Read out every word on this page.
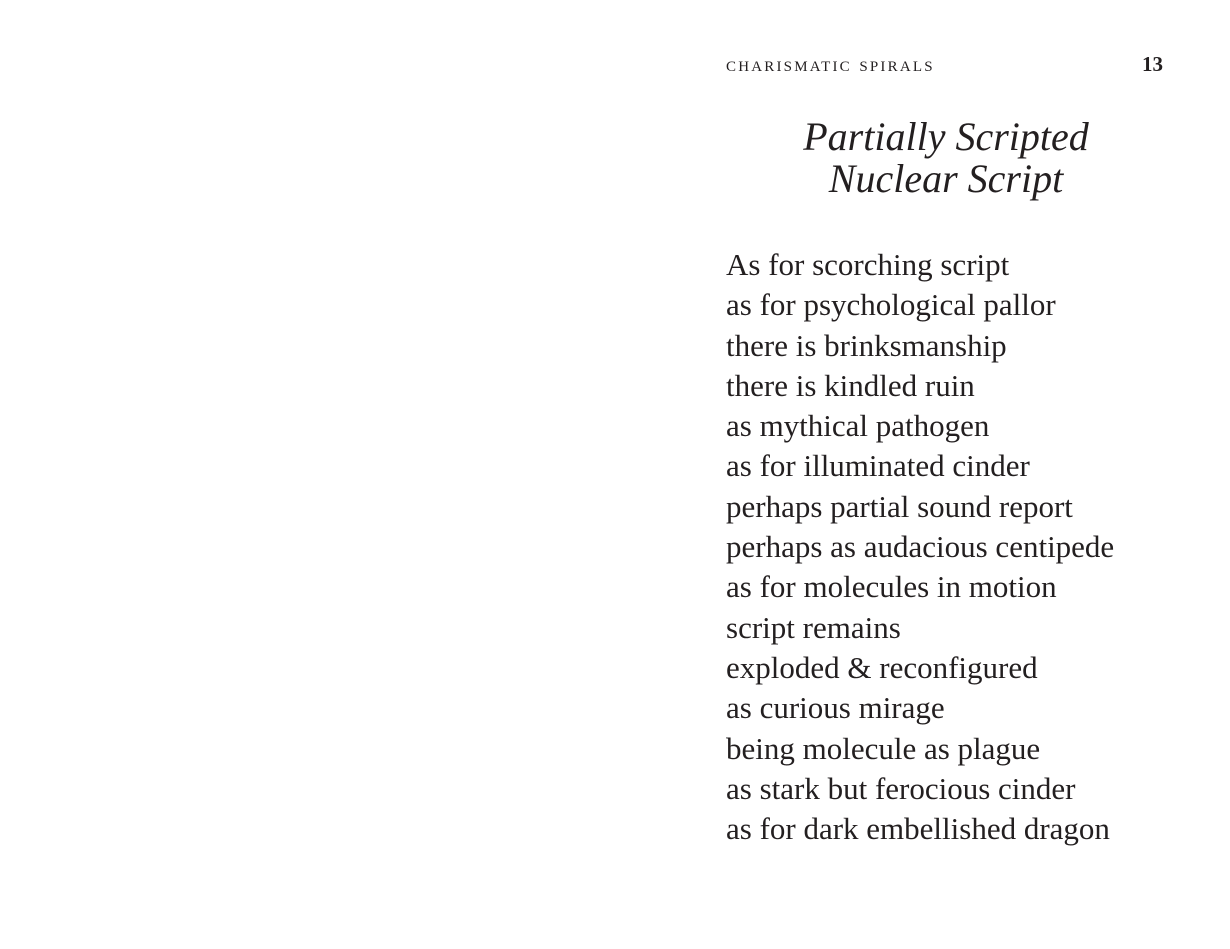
charismatic spirals	13
Partially Scripted
Nuclear Script
As for scorching script
as for psychological pallor
there is brinksmanship
there is kindled ruin
as mythical pathogen
as for illuminated cinder
perhaps partial sound report
perhaps as audacious centipede
as for molecules in motion
script remains
exploded & reconfigured
as curious mirage
being molecule as plague
as stark but ferocious cinder
as for dark embellished dragon
